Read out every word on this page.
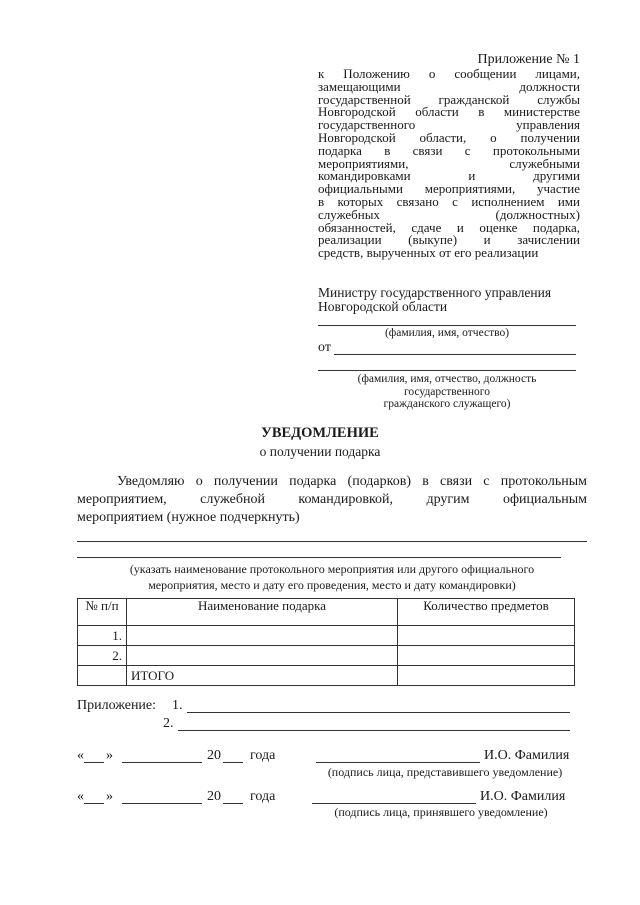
Приложение № 1
к Положению о сообщении лицами,
замещающими должности
государственной гражданской службы
Новгородской области в министерстве
государственного управления
Новгородской области, о получении
подарка в связи с протокольными
мероприятиями, служебными
командировками и другими
официальными мероприятиями, участие
в которых связано с исполнением ими
служебных (должностных)
обязанностей, сдаче и оценке подарка,
реализации (выкупе) и зачислении
средств, вырученных от его реализации
Министру государственного управления
Новгородской области
(фамилия, имя, отчество)
от
(фамилия, имя, отчество, должность
государственного
гражданского служащего)
УВЕДОМЛЕНИЕ
о получении подарка
Уведомляю о получении подарка (подарков) в связи с протокольным
мероприятием, служебной командировкой, другим официальным
мероприятием (нужное подчеркнуть)
(указать наименование протокольного мероприятия или другого официального
мероприятия, место и дату его проведения, место и дату командировки)
№ п/п	Наименование подарка	Количество предметов
1.		
2.		
	ИТОГО	
Приложение: 1.
2.
« »	20 года	И.О. Фамилия
(подпись лица, представившего уведомление)
« »	20 года	И.О. Фамилия
(подпись лица, принявшего уведомление)
